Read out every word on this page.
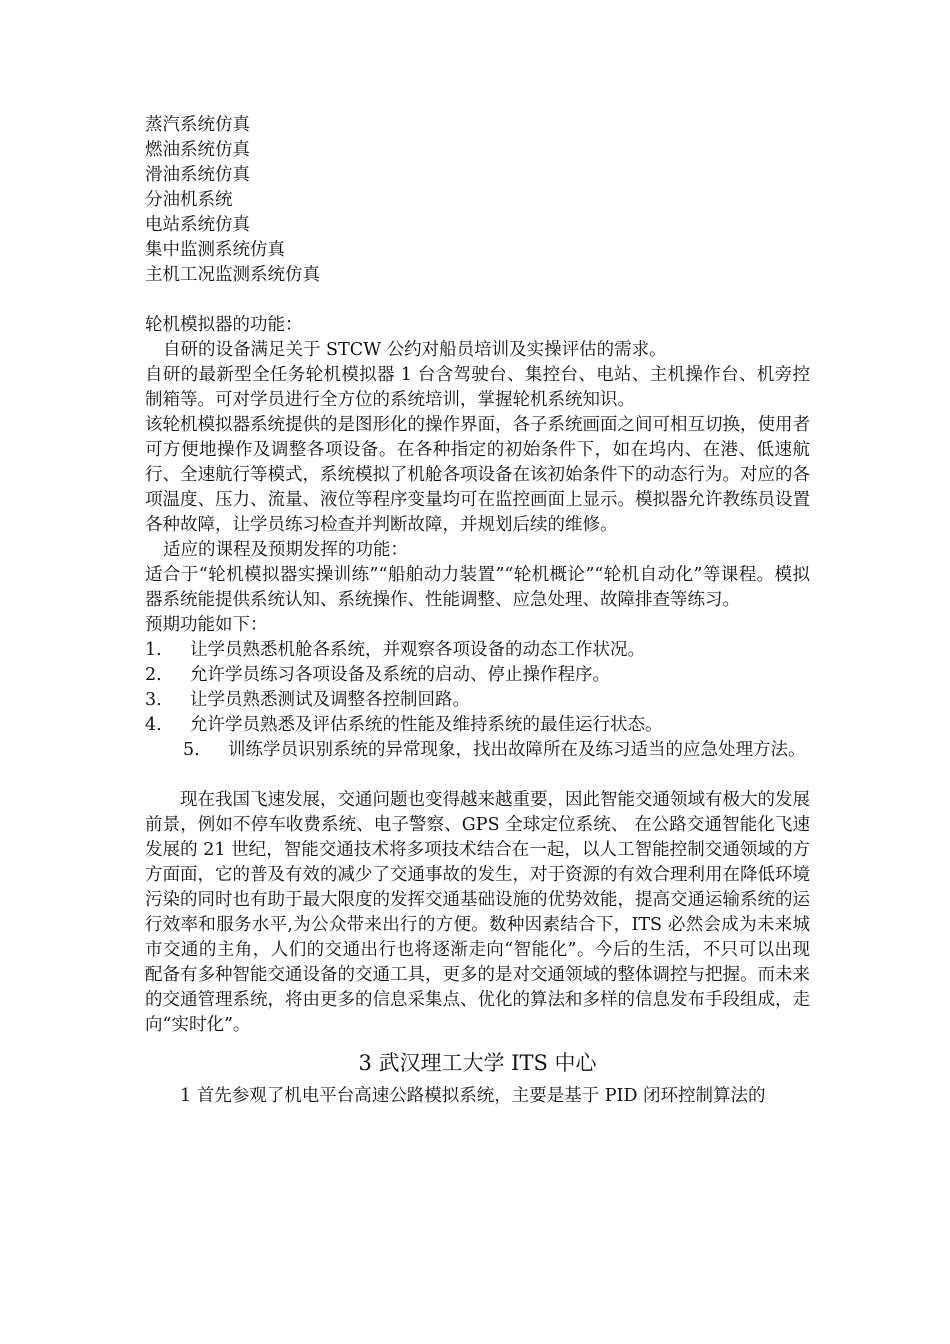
蒸汽系统仿真

燃油系统仿真

滑油系统仿真

分油机系统

电站系统仿真

集中监测系统仿真

主机工况监测系统仿真

轮机模拟器的功能：

自研的设备满足关于 STCW 公约对船员培训及实操评估的需求。

自研的最新型全任务轮机模拟器 1 台含驾驶台、集控台、电站、主机操作台、机旁控制箱等。可对学员进行全方位的系统培训，掌握轮机系统知识。

该轮机模拟器系统提供的是图形化的操作界面，各子系统画面之间可相互切换，使用者可方便地操作及调整各项设备。在各种指定的初始条件下，如在坞内、在港、低速航行、全速航行等模式，系统模拟了机舱各项设备在该初始条件下的动态行为。对应的各项温度、压力、流量、液位等程序变量均可在监控画面上显示。模拟器允许教练员设置各种故障，让学员练习检查并判断故障，并规划后续的维修。

适应的课程及预期发挥的功能：

适合于“轮机模拟器实操训练”“船舶动力装置”“轮机概论”“轮机自动化”等课程。模拟器系统能提供系统认知、系统操作、性能调整、应急处理、故障排查等练习。

预期功能如下：

1.	让学员熟悉机舱各系统，并观察各项设备的动态工作状况。
2.	允许学员练习各项设备及系统的启动、停止操作程序。
3.	让学员熟悉测试及调整各控制回路。
4.	允许学员熟悉及评估系统的性能及维持系统的最佳运行状态。

5. 训练学员识别系统的异常现象，找出故障所在及练习适当的应急处理方法。

现在我国飞速发展，交通问题也变得越来越重要，因此智能交通领域有极大的发展前景，例如不停车收费系统、电子警察、GPS 全球定位系统、 在公路交通智能化飞速发展的 21 世纪，智能交通技术将多项技术结合在一起，以人工智能控制交通领域的方方面面，它的普及有效的减少了交通事故的发生，对于资源的有效合理利用在降低环境污染的同时也有助于最大限度的发挥交通基础设施的优势效能，提高交通运输系统的运行效率和服务水平,为公众带来出行的方便。数种因素结合下，ITS 必然会成为未来城市交通的主角，人们的交通出行也将逐渐走向“智能化”。今后的生活，不只可以出现配备有多种智能交通设备的交通工具，更多的是对交通领域的整体调控与把握。而未来的交通管理系统，将由更多的信息采集点、优化的算法和多样的信息发布手段组成，走向“实时化”。

3 武汉理工大学 ITS 中心

1 首先参观了机电平台高速公路模拟系统，主要是基于 PID 闭环控制算法的
